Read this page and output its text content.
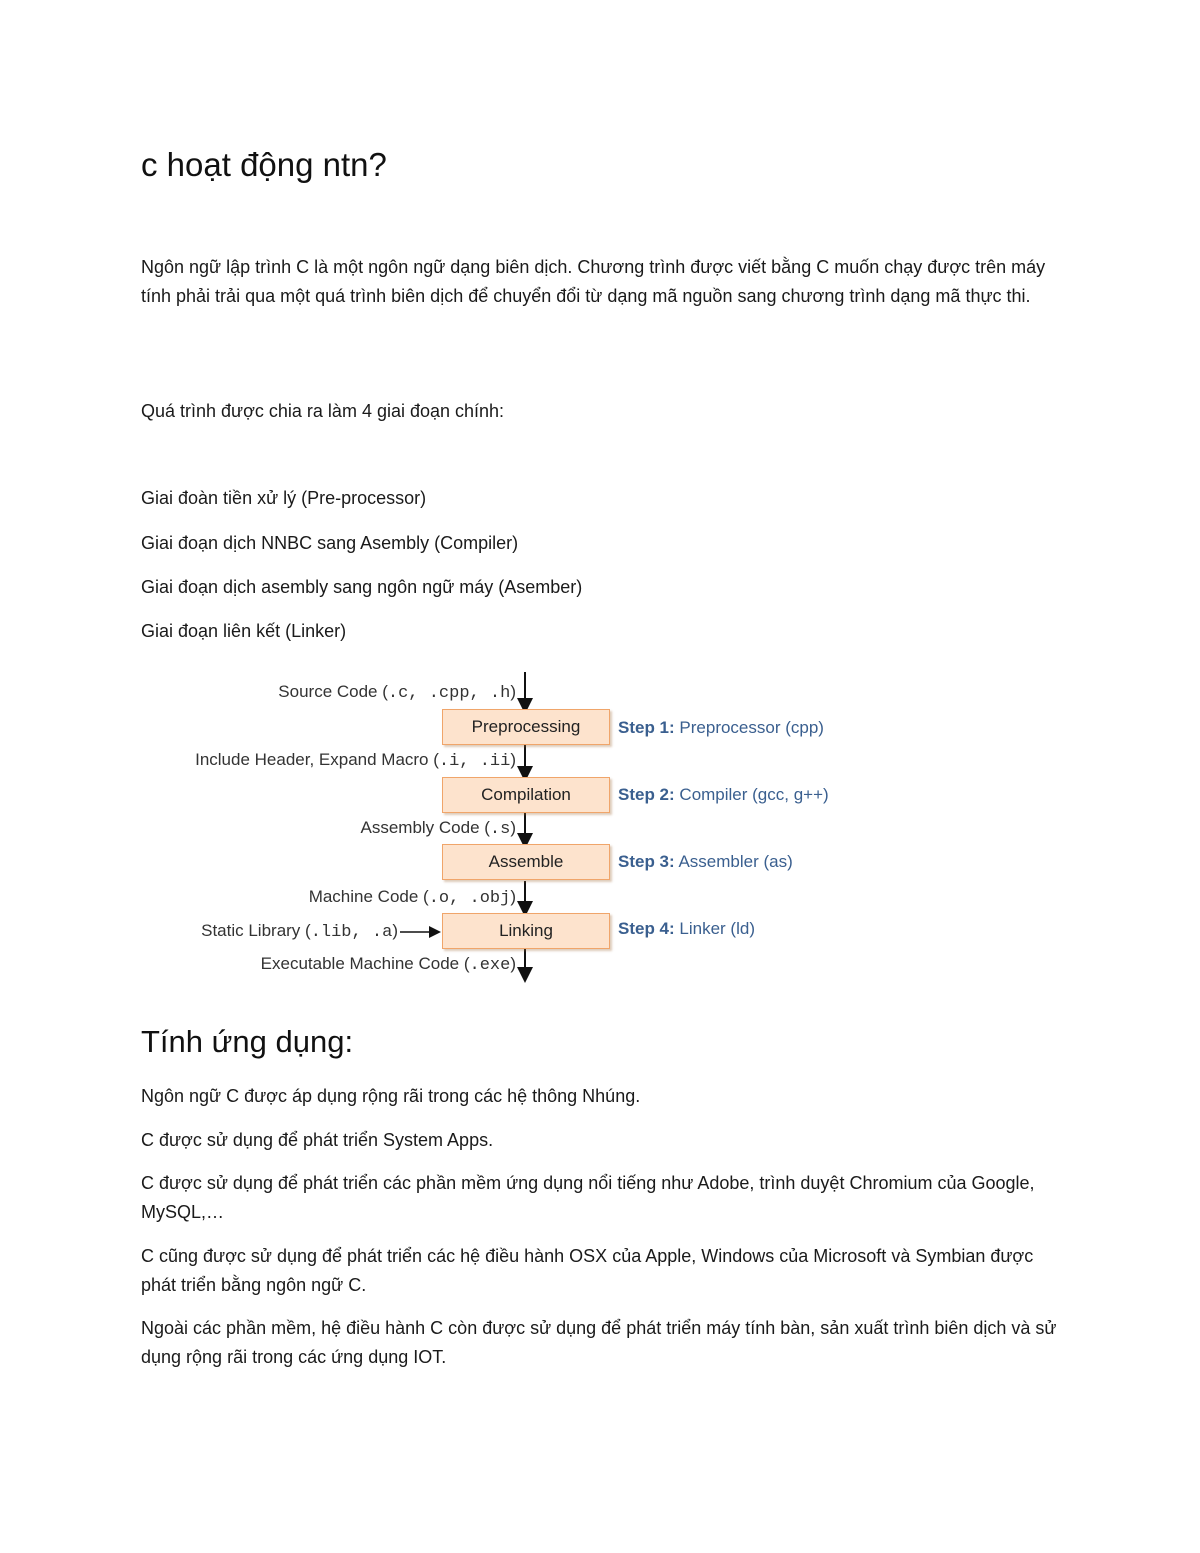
c hoạt động ntn?

Ngôn ngữ lập trình C là một ngôn ngữ dạng biên dịch. Chương trình được viết bằng C muốn chạy được trên máy tính phải trải qua một quá trình biên dịch để chuyển đổi từ dạng mã nguồn sang chương trình dạng mã thực thi.

Quá trình được chia ra làm 4 giai đoạn chính:

Giai đoàn tiền xử lý (Pre-processor)

Giai đoạn dịch NNBC sang Asembly (Compiler)

Giai đoạn dịch asembly sang ngôn ngữ máy (Asember)

Giai đoạn liên kết (Linker)

Source Code (.c, .cpp, .h)
Preprocessing	Step 1: Preprocessor (cpp)
Include Header, Expand Macro (.i, .ii)
Compilation	Step 2: Compiler (gcc, g++)
Assembly Code (.s)
Assemble	Step 3: Assembler (as)
Machine Code (.o, .obj)
Linking	Step 4: Linker (ld)
Static Library (.lib, .a)
Executable Machine Code (.exe)
Tính ứng dụng:

Ngôn ngữ C được áp dụng rộng rãi trong các hệ thông Nhúng.

C được sử dụng để phát triển System Apps.

C được sử dụng để phát triển các phần mềm ứng dụng nổi tiếng như Adobe, trình duyệt Chromium của Google, MySQL,…

C cũng được sử dụng để phát triển các hệ điều hành OSX của Apple, Windows của Microsoft và Symbian được phát triển bằng ngôn ngữ C.

Ngoài các phần mềm, hệ điều hành C còn được sử dụng để phát triển máy tính bàn, sản xuất trình biên dịch và sử dụng rộng rãi trong các ứng dụng IOT.
